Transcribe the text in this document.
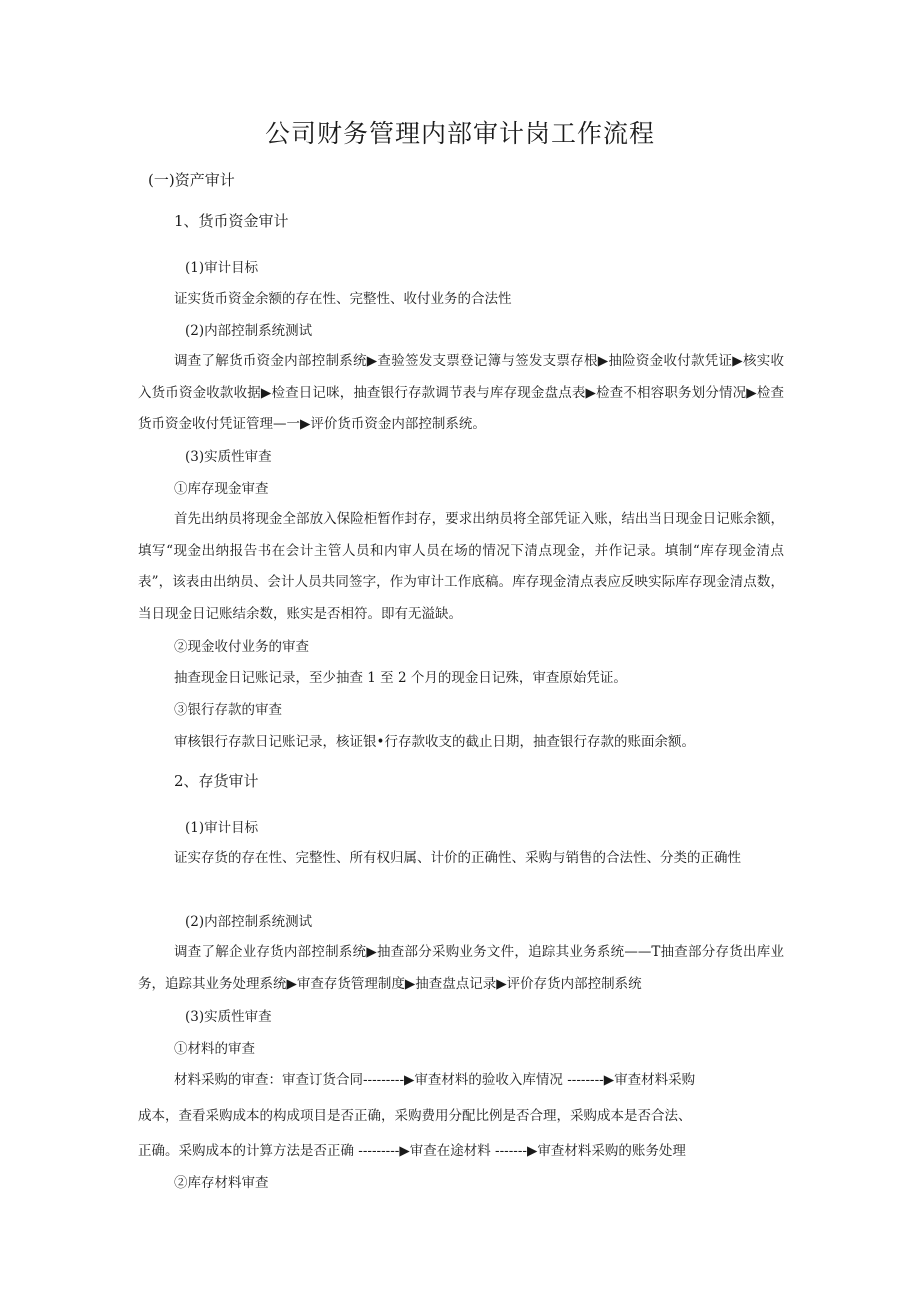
公司财务管理内部审计岗工作流程
(一)资产审计
1、货币资金审计
(1)审计目标
证实货币资金余额的存在性、完整性、收付业务的合法性
(2)内部控制系统测试
调查了解货币资金内部控制系统▶查验签发支票登记簿与签发支票存根▶抽险资金收付款凭证▶核实收入货币资金收款收据▶检查日记咪，抽查银行存款调节表与库存现金盘点表▶检查不相容职务划分情况▶检查货币资金收付凭证管理—一▶评价货币资金内部控制系统。
(3)实质性审查
①库存现金审查
首先出纳员将现金全部放入保险柜暂作封存，要求出纳员将全部凭证入账，结出当日现金日记账余额，填写“现金出纳报告书在会计主管人员和内审人员在场的情况下清点现金，并作记录。填制“库存现金清点表”，该表由出纳员、会计人员共同签字，作为审计工作底稿。库存现金清点表应反映实际库存现金清点数，当日现金日记账结余数，账实是否相符。即有无溢缺。
②现金收付业务的审查
抽查现金日记账记录，至少抽查 1 至 2 个月的现金日记殊，审查原始凭证。
③银行存款的审查
审核银行存款日记账记录，核证银•行存款收支的截止日期，抽查银行存款的账面余额。
2、存货审计
(1)审计目标
证实存货的存在性、完整性、所有权归属、计价的正确性、采购与销售的合法性、分类的正确性
(2)内部控制系统测试
调查了解企业存货内部控制系统▶抽查部分采购业务文件，追踪其业务系统——T抽查部分存货出库业务，追踪其业务处理系统▶审查存货管理制度▶抽查盘点记录▶评价存货内部控制系统
(3)实质性审查
①材料的审查
材料采购的审查：审查订货合同---------▶审查材料的验收入库情况 --------▶审查材料采购
成本，查看采购成本的构成项目是否正确，采购费用分配比例是否合理，采购成本是否合法、
正确。采购成本的计算方法是否正确 ---------▶审查在途材料 -------▶审查材料采购的账务处理
②库存材料审查
